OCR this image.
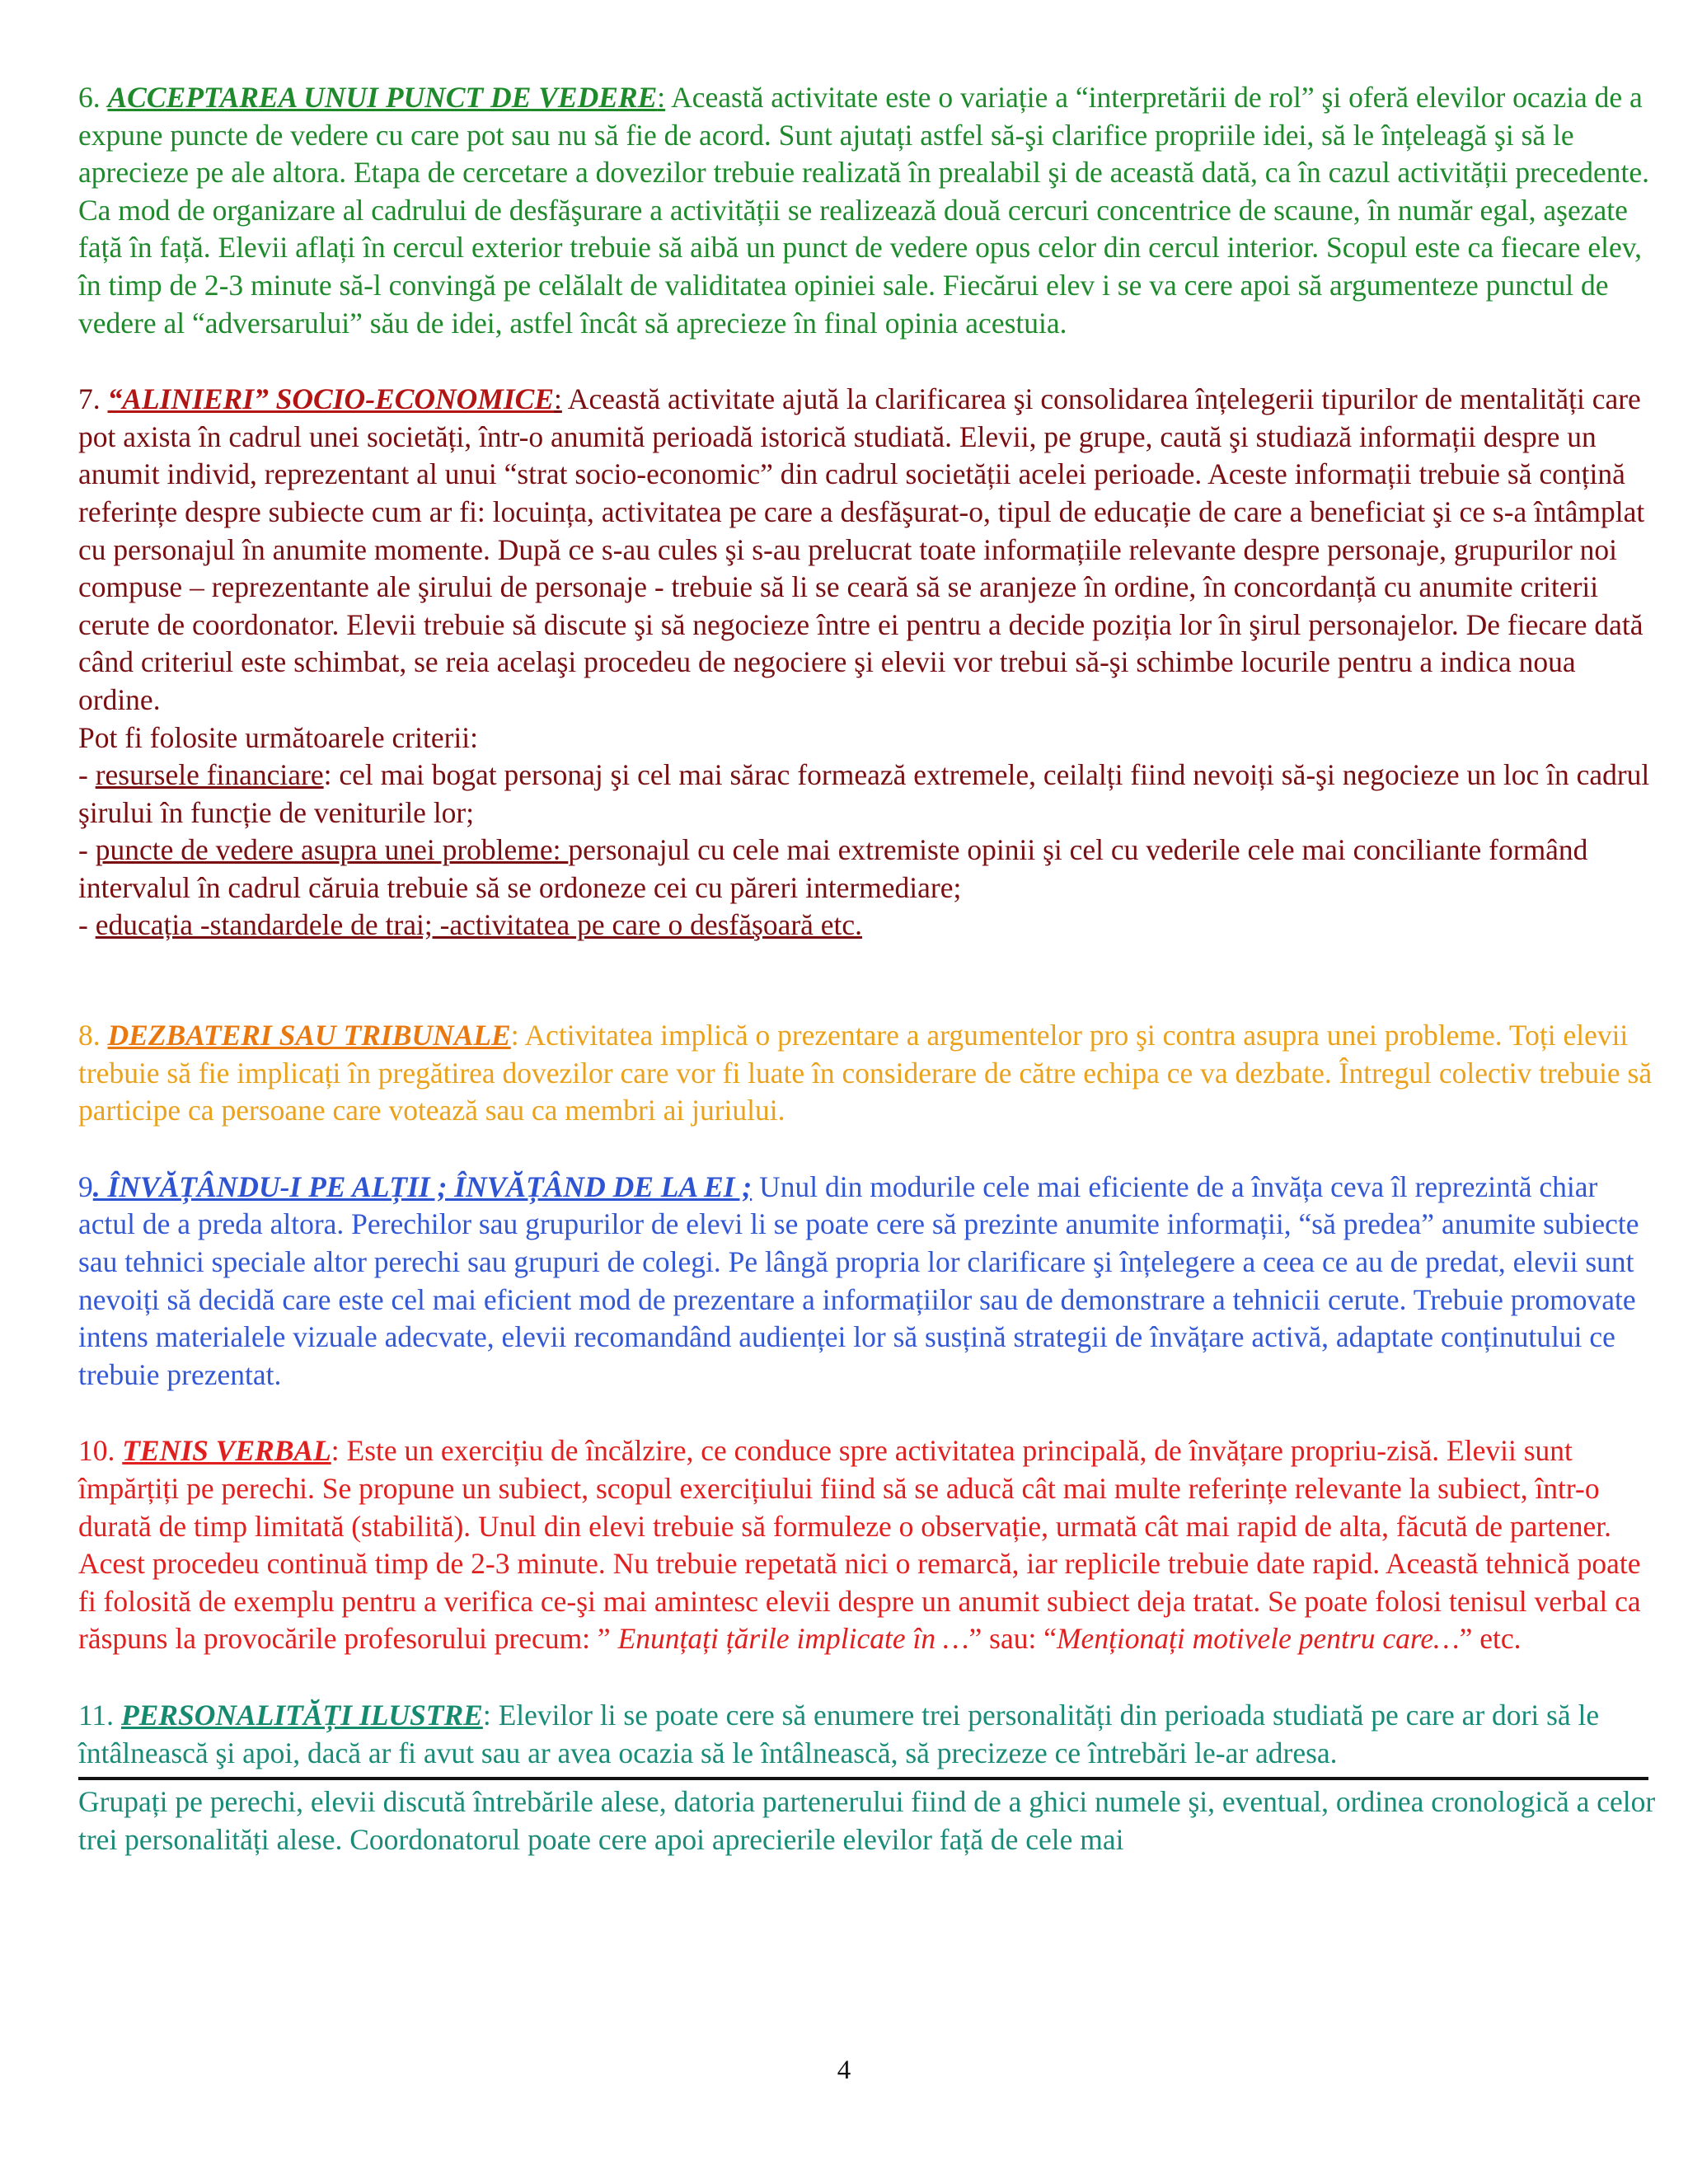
6. ACCEPTAREA UNUI PUNCT DE VEDERE: Această activitate este o variație a “interpretării de rol” şi oferă elevilor ocazia de a expune puncte de vedere cu care pot sau nu să fie de acord. Sunt ajutați astfel să-şi clarifice propriile idei, să le înțeleagă şi să le aprecieze pe ale altora. Etapa de cercetare a dovezilor trebuie realizată în prealabil şi de această dată, ca în cazul activității precedente. Ca mod de organizare al cadrului de desfăşurare a activității se realizează două cercuri concentrice de scaune, în număr egal, aşezate față în față. Elevii aflați în cercul exterior trebuie să aibă un punct de vedere opus celor din cercul interior. Scopul este ca fiecare elev, în timp de 2-3 minute să-l convingă pe celălalt de validitatea opiniei sale. Fiecărui elev i se va cere apoi să argumenteze punctul de vedere al “adversarului” său de idei, astfel încât să aprecieze în final opinia acestuia.

7. “ALINIERI” SOCIO-ECONOMICE: Această activitate ajută la clarificarea şi consolidarea înțelegerii tipurilor de mentalități care pot axista în cadrul unei societăți, într-o anumită perioadă istorică studiată. Elevii, pe grupe, caută şi studiază informații despre un anumit individ, reprezentant al unui “strat socio-economic” din cadrul societății acelei perioade. Aceste informații trebuie să conțină referințe despre subiecte cum ar fi: locuința, activitatea pe care a desfăşurat-o, tipul de educație de care a beneficiat şi ce s-a întâmplat cu personajul în anumite momente. După ce s-au cules şi s-au prelucrat toate informațiile relevante despre personaje, grupurilor noi compuse – reprezentante ale şirului de personaje - trebuie să li se ceară să se aranjeze în ordine, în concordanță cu anumite criterii cerute de coordonator. Elevii trebuie să discute şi să negocieze între ei pentru a decide poziția lor în şirul personajelor. De fiecare dată când criteriul este schimbat, se reia acelaşi procedeu de negociere şi elevii vor trebui să-şi schimbe locurile pentru a indica noua ordine.

Pot fi folosite următoarele criterii:

- resursele financiare: cel mai bogat personaj şi cel mai sărac formează extremele, ceilalți fiind nevoiți să-şi negocieze un loc în cadrul şirului în funcție de veniturile lor;

- puncte de vedere asupra unei probleme: personajul cu cele mai extremiste opinii şi cel cu vederile cele mai conciliante formând intervalul în cadrul căruia trebuie să se ordoneze cei cu păreri intermediare;

- educația -standardele de trai; -activitatea pe care o desfăşoară etc.

8. DEZBATERI SAU TRIBUNALE: Activitatea implică o prezentare a argumentelor pro şi contra asupra unei probleme. Toți elevii trebuie să fie implicați în pregătirea dovezilor care vor fi luate în considerare de către echipa ce va dezbate. Întregul colectiv trebuie să participe ca persoane care votează sau ca membri ai juriului.

9. ÎNVĂȚÂNDU-I PE ALȚII ; ÎNVĂȚÂND DE LA EI ; Unul din modurile cele mai eficiente de a învăța ceva îl reprezintă chiar actul de a preda altora. Perechilor sau grupurilor de elevi li se poate cere să prezinte anumite informații, “să predea” anumite subiecte sau tehnici speciale altor perechi sau grupuri de colegi. Pe lângă propria lor clarificare şi înțelegere a ceea ce au de predat, elevii sunt nevoiți să decidă care este cel mai eficient mod de prezentare a informațiilor sau de demonstrare a tehnicii cerute. Trebuie promovate intens materialele vizuale adecvate, elevii recomandând audienței lor să susțină strategii de învățare activă, adaptate conținutului ce trebuie prezentat.

10. TENIS VERBAL: Este un exercițiu de încălzire, ce conduce spre activitatea principală, de învățare propriu-zisă. Elevii sunt împărțiți pe perechi. Se propune un subiect, scopul exercițiului fiind să se aducă cât mai multe referințe relevante la subiect, într-o durată de timp limitată (stabilită). Unul din elevi trebuie să formuleze o observație, urmată cât mai rapid de alta, făcută de partener. Acest procedeu continuă timp de 2-3 minute. Nu trebuie repetată nici o remarcă, iar replicile trebuie date rapid. Această tehnică poate fi folosită de exemplu pentru a verifica ce-şi mai amintesc elevii despre un anumit subiect deja tratat. Se poate folosi tenisul verbal ca răspuns la provocările profesorului precum: ” Enunțați țările implicate în …” sau: “Menționați motivele pentru care…” etc.

11. PERSONALITĂȚI ILUSTRE: Elevilor li se poate cere să enumere trei personalități din perioada studiată pe care ar dori să le întâlnească şi apoi, dacă ar fi avut sau ar avea ocazia să le întâlnească, să precizeze ce întrebări le-ar adresa.

Grupați pe perechi, elevii discută întrebările alese, datoria partenerului fiind de a ghici numele şi, eventual, ordinea cronologică a celor trei personalități alese. Coordonatorul poate cere apoi aprecierile elevilor față de cele mai

4
